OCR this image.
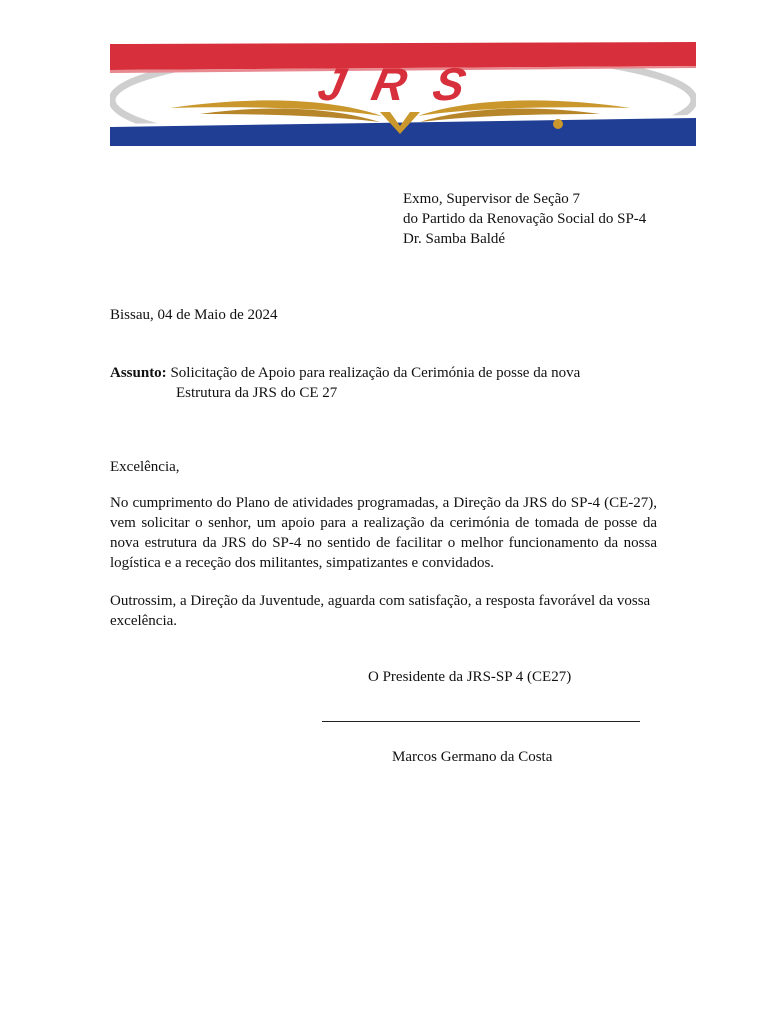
JRS
Exmo, Supervisor de Seção 7
do Partido da Renovação Social do SP-4
Dr. Samba Baldé
Bissau, 04 de Maio de 2024
Assunto: Solicitação de Apoio para realização da Cerimónia de posse da nova
Estrutura da JRS do CE 27
Excelência,
No cumprimento do Plano de atividades programadas, a Direção da JRS do SP-4 (CE-27), vem solicitar o senhor, um apoio para a realização da cerimónia de tomada de posse da nova estrutura da JRS do SP-4 no sentido de facilitar o melhor funcionamento da nossa logística e a receção dos militantes, simpatizantes e convidados.
Outrossim, a Direção da Juventude, aguarda com satisfação, a resposta favorável da vossa excelência.
O Presidente da JRS-SP 4 (CE27)
Marcos Germano da Costa
